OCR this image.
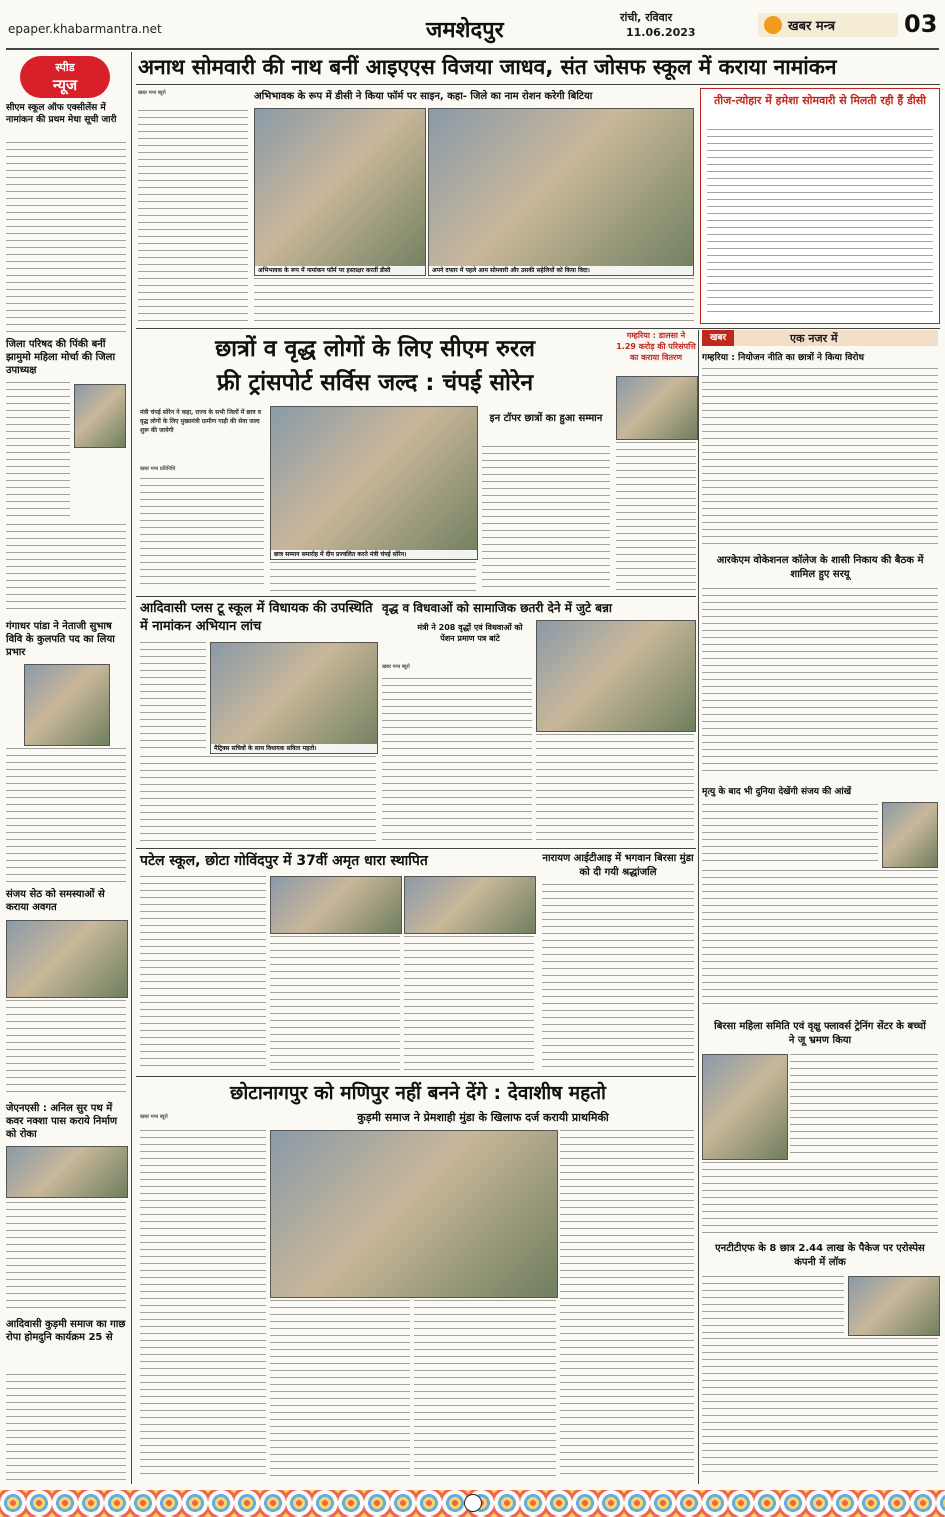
epaper.khabarmantra.net	जमशेदपुर
रांची, रविवार
11.06.2023	खबर मन्त्र	03
स्पीड
न्यूज
सीएम स्कूल ऑफ एक्सीलेंस में नामांकन की प्रथम मेधा सूची जारी
जिला परिषद की पिंकी बनीं झामुमो महिला मोर्चा की जिला उपाध्यक्ष
गंगाधर पांडा ने नेताजी सुभाष विवि के कुलपति पद का लिया प्रभार
संजय सेठ को समस्याओं से कराया अवगत
जेएनएसी : अनिल सुर पथ में कवर नक्शा पास कराये निर्माण को रोका
आदिवासी कुड़मी समाज का गाछ रोपा होमदुनि कार्यक्रम 25 से
अनाथ सोमवारी की नाथ बनीं आइएएस विजया जाधव, संत जोसफ स्कूल में कराया नामांकन
खबर मन्त्र ब्यूरो	अभिभावक के रूप में डीसी ने किया फॉर्म पर साइन, कहा- जिले का नाम रोशन करेगी बिटिया
अभिभावक के रूप में नामांकन फॉर्म पर हस्ताक्षर करतीं डीसी	अपने दफ्तर में पहले आम सोमवारी और उसकी सहेलियों को किया विदा।
तीज-त्योहार में हमेशा सोमवारी से मिलती रही हैं डीसी
छात्रों व वृद्ध लोगों के लिए सीएम रुरल
फ्री ट्रांसपोर्ट सर्विस जल्द : चंपई सोरेन
मंत्री चंपई सोरेन ने कहा, राज्य के सभी जिलों में छात्र व वृद्ध लोगों के लिए मुख्यमंत्री ग्रामीण गाड़ी की सेवा जल्द शुरू की जायेगी
खबर मन्त्र प्रतिनिधि
छात्र सम्मान समारोह में दीप प्रज्वलित करते मंत्री चंपई सोरेन।
इन टॉपर छात्रों का हुआ सम्मान
गम्हरिया : डालसा ने 1.29 करोड़ की परिसंपत्ति का कराया वितरण
खबर	एक नजर में
गम्हरिया : नियोजन नीति का छात्रों ने किया विरोध
आरकेएम वोकेशनल कॉलेज के शासी निकाय की बैठक में शामिल हुए सरयू
मृत्यु के बाद भी दुनिया देखेंगी संजय की आंखें
बिरसा महिला समिति एवं वृक्षु फ्लावर्स ट्रेनिंग सेंटर के बच्चों ने जू भ्रमण किया
एनटीटीएफ के 8 छात्र 2.44 लाख के पैकेज पर एरोस्पेस कंपनी में लॉक
आदिवासी प्लस टू स्कूल में विधायक की उपस्थिति में नामांकन अभियान लांच
मैट्रिक्स सचिवों के साथ विधायक सविता महतो।
वृद्ध व विधवाओं को सामाजिक छतरी देने में जुटे बन्ना
मंत्री ने 208 वृद्धों एवं विधवाओं को पेंशन प्रमाण पत्र बांटे
खबर मन्त्र ब्यूरो
पटेल स्कूल, छोटा गोविंदपुर में 37वीं अमृत धारा स्थापित	नारायण आईटीआइ में भगवान बिरसा मुंडा को दी गयी श्रद्धांजलि
छोटानागपुर को मणिपुर नहीं बनने देंगे : देवाशीष महतो
कुड़मी समाज ने प्रेमशाही मुंडा के खिलाफ दर्ज करायी प्राथमिकी
खबर मन्त्र ब्यूरो
